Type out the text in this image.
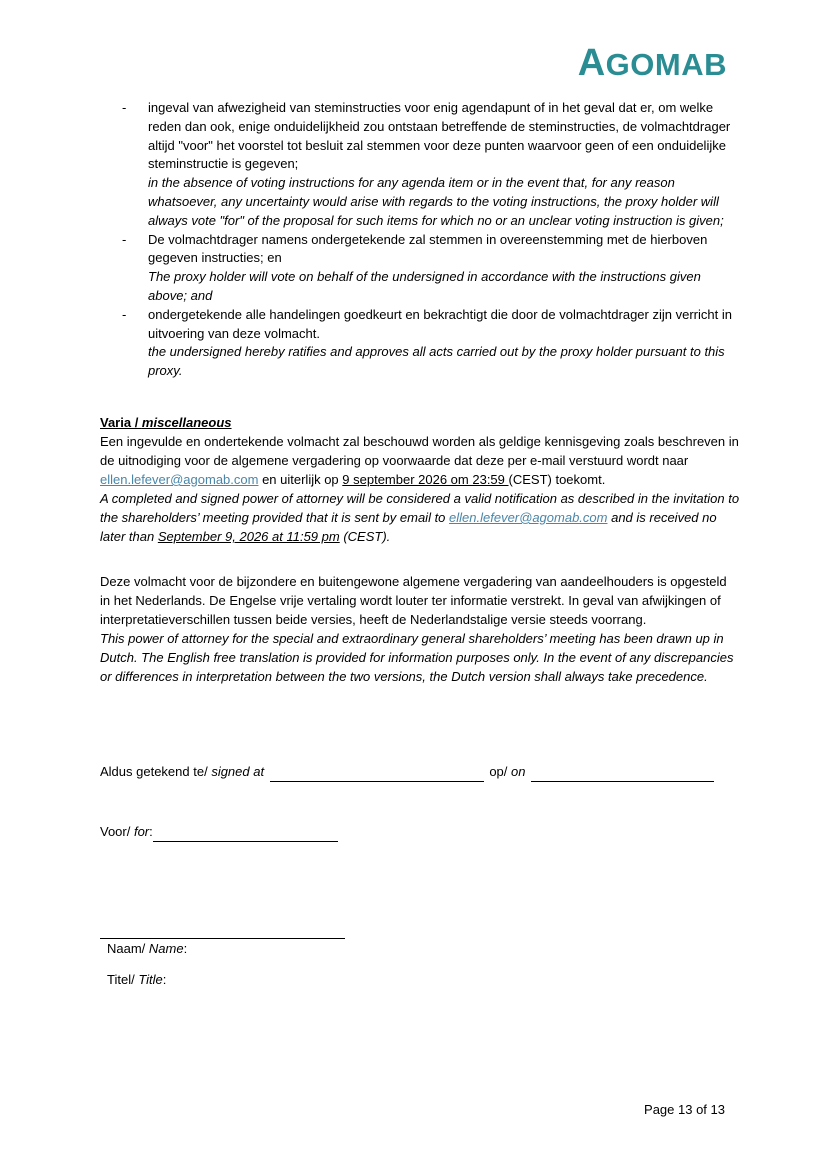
AGOMAB
-	ingeval van afwezigheid van steminstructies voor enig agendapunt of in het geval dat er, om welke reden dan ook, enige onduidelijkheid zou ontstaan betreffende de steminstructies, de volmachtdrager altijd "voor" het voorstel tot besluit zal stemmen voor deze punten waarvoor geen of een onduidelijke steminstructie is gegeven;
in the absence of voting instructions for any agenda item or in the event that, for any reason whatsoever, any uncertainty would arise with regards to the voting instructions, the proxy holder will always vote "for" of the proposal for such items for which no or an unclear voting instruction is given;
-	De volmachtdrager namens ondergetekende zal stemmen in overeenstemming met de hierboven gegeven instructies; en
The proxy holder will vote on behalf of the undersigned in accordance with the instructions given above; and
-	ondergetekende alle handelingen goedkeurt en bekrachtigt die door de volmachtdrager zijn verricht in uitvoering van deze volmacht.
the undersigned hereby ratifies and approves all acts carried out by the proxy holder pursuant to this proxy.
Varia / miscellaneous
Een ingevulde en ondertekende volmacht zal beschouwd worden als geldige kennisgeving zoals beschreven in de uitnodiging voor de algemene vergadering op voorwaarde dat deze per e-mail verstuurd wordt naar ellen.lefever@agomab.com en uiterlijk op 9 september 2026 om 23:59 (CEST) toekomt.
A completed and signed power of attorney will be considered a valid notification as described in the invitation to the shareholders’ meeting provided that it is sent by email to ellen.lefever@agomab.com and is received no later than September 9, 2026 at 11:59 pm (CEST).
Deze volmacht voor de bijzondere en buitengewone algemene vergadering van aandeelhouders is opgesteld in het Nederlands. De Engelse vrije vertaling wordt louter ter informatie verstrekt. In geval van afwijkingen of interpretatieverschillen tussen beide versies, heeft de Nederlandstalige versie steeds voorrang.
This power of attorney for the special and extraordinary general shareholders’ meeting has been drawn up in Dutch. The English free translation is provided for information purposes only. In the event of any discrepancies or differences in interpretation between the two versions, the Dutch version shall always take precedence.
Aldus getekend te/ signed at	op/ on
Voor/ for:
Naam/ Name:
Titel/ Title:
Page 13 of 13
